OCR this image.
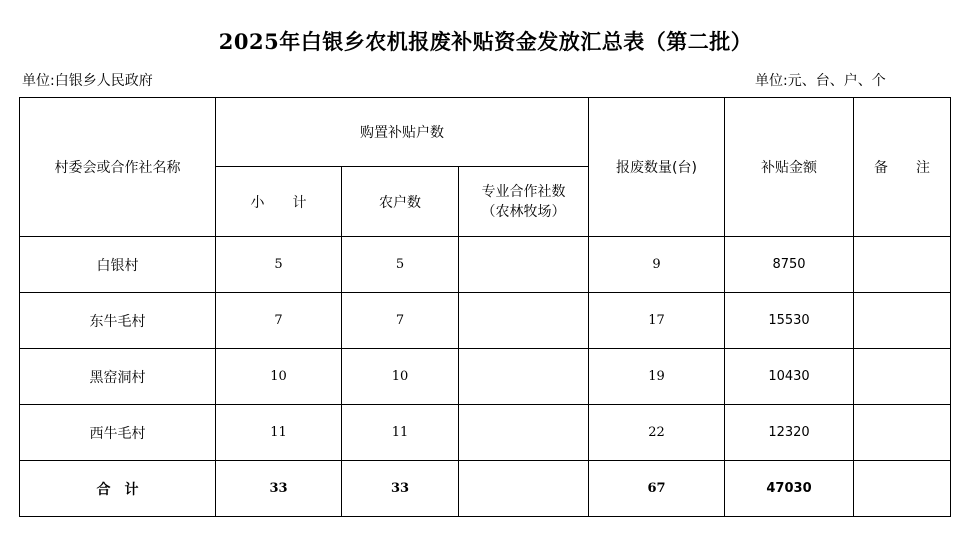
2025年白银乡农机报废补贴资金发放汇总表（第二批）
单位:白银乡人民政府	单位:元、台、户、个
村委会或合作社名称	购置补贴户数			报废数量(台)	补贴金额	备　　注
	小　　计	农户数	专业合作社数
（农林牧场）			

白银村	5	5		9	8750	
东牛毛村	7	7		17	15530	
黑窑洞村	10	10		19	10430	
西牛毛村	11	11		22	12320	
合　计	33	33		67	47030	
